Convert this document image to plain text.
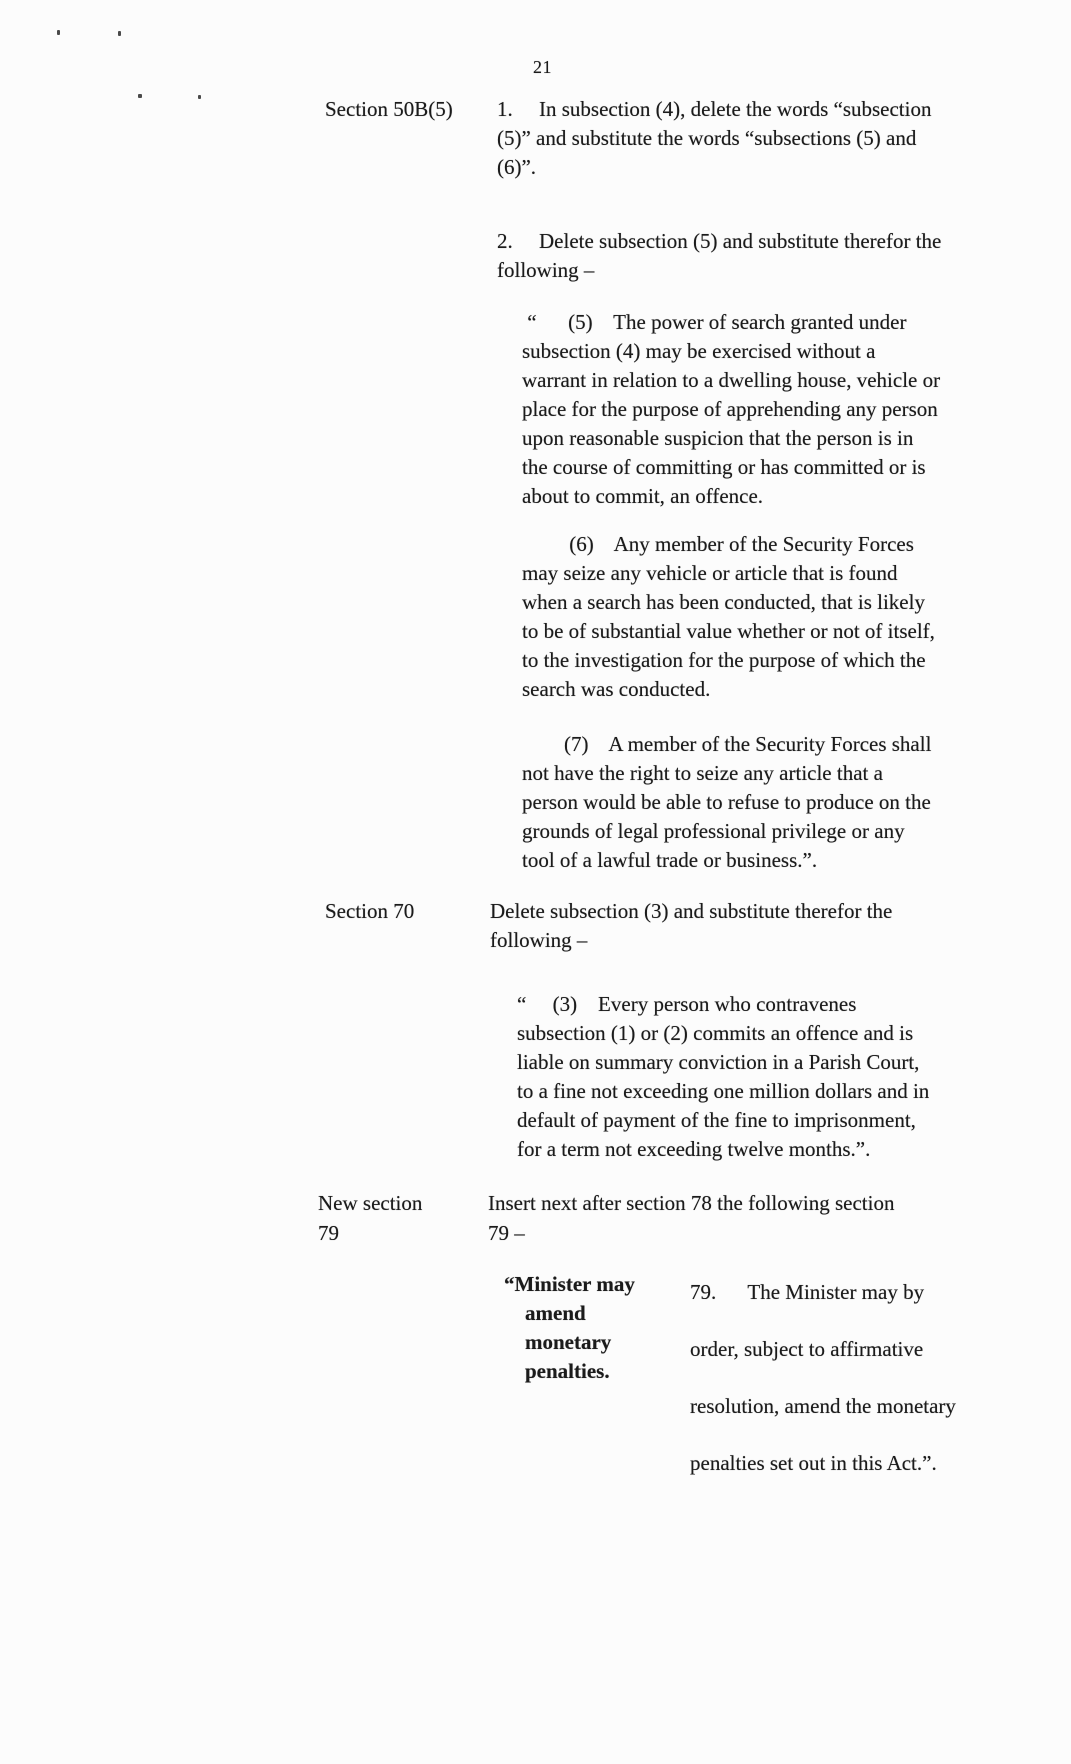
21
Section 50B(5) 1.     In subsection (4), delete the words “subsection
(5)” and substitute the words “subsections (5) and
(6)”.
2.     Delete subsection (5) and substitute therefor the
following –
“      (5)    The power of search granted under
subsection (4) may be exercised without a
warrant in relation to a dwelling house, vehicle or
place for the purpose of apprehending any person
upon reasonable suspicion that the person is in
the course of committing or has committed or is
about to commit, an offence.
(6)    Any member of the Security Forces
may seize any vehicle or article that is found
when a search has been conducted, that is likely
to be of substantial value whether or not of itself,
to the investigation for the purpose of which the
search was conducted.
(7)    A member of the Security Forces shall
not have the right to seize any article that a
person would be able to refuse to produce on the
grounds of legal professional privilege or any
tool of a lawful trade or business.”.
Section 70	Delete subsection (3) and substitute therefor the
following –
“     (3)    Every person who contravenes
subsection (1) or (2) commits an offence and is
liable on summary conviction in a Parish Court,
to a fine not exceeding one million dollars and in
default of payment of the fine to imprisonment,
for a term not exceeding twelve months.”.
New section
79
Insert next after section 78 the following section
79 –
“Minister may
amend
monetary
penalties.
79.      The Minister may by
order, subject to affirmative
resolution, amend the monetary
penalties set out in this Act.”.
